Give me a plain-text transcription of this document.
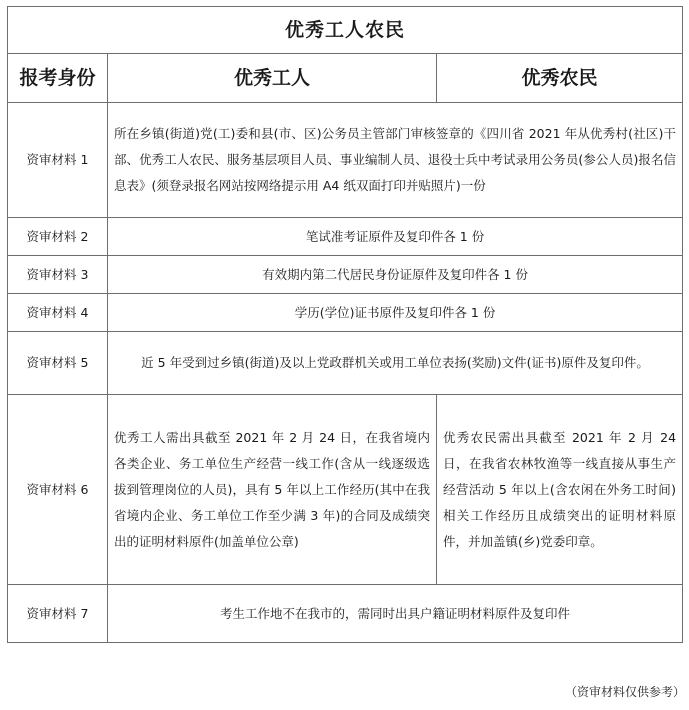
优秀工人农民		
报考身份	优秀工人	优秀农民
资审材料 1	所在乡镇(街道)党(工)委和县(市、区)公务员主管部门审核签章的《四川省 2021 年从优秀村(社区)干部、优秀工人农民、服务基层项目人员、事业编制人员、退役士兵中考试录用公务员(参公人员)报名信息表》(须登录报名网站按网络提示用 A4 纸双面打印并贴照片)一份	
资审材料 2	笔试准考证原件及复印件各 1 份	
资审材料 3	有效期内第二代居民身份证原件及复印件各 1 份	
资审材料 4	学历(学位)证书原件及复印件各 1 份	
资审材料 5	近 5 年受到过乡镇(街道)及以上党政群机关或用工单位表扬(奖励)文件(证书)原件及复印件。	
资审材料 6	优秀工人需出具截至 2021 年 2 月 24 日，在我省境内各类企业、务工单位生产经营一线工作(含从一线逐级选拔到管理岗位的人员)，具有 5 年以上工作经历(其中在我省境内企业、务工单位工作至少满 3 年)的合同及成绩突出的证明材料原件(加盖单位公章)	优秀农民需出具截至 2021 年 2 月 24 日，在我省农林牧渔等一线直接从事生产经营活动 5 年以上(含农闲在外务工时间)相关工作经历且成绩突出的证明材料原件，并加盖镇(乡)党委印章。
资审材料 7	考生工作地不在我市的，需同时出具户籍证明材料原件及复印件	
（资审材料仅供参考）
